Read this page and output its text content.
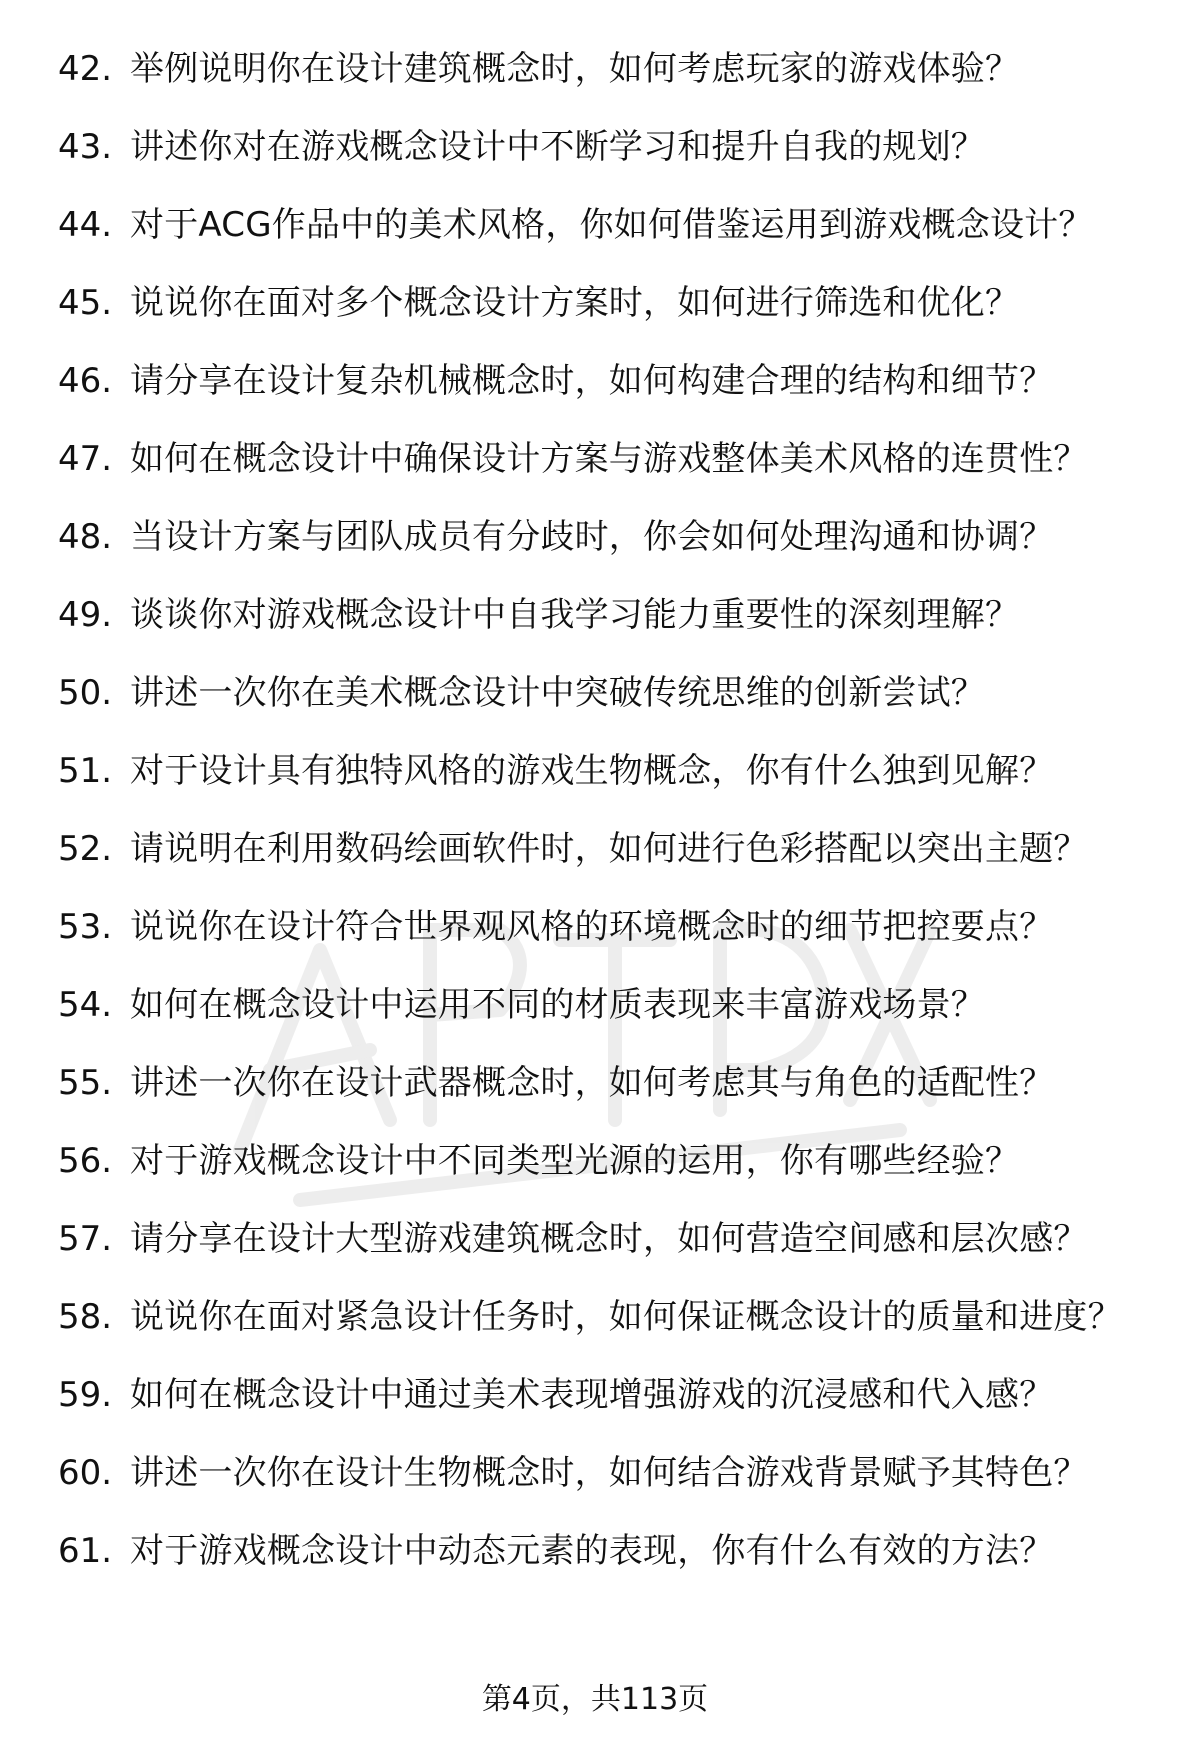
42. 举例说明你在设计建筑概念时，如何考虑玩家的游戏体验？
43. 讲述你对在游戏概念设计中不断学习和提升自我的规划？
44. 对于ACG作品中的美术风格，你如何借鉴运用到游戏概念设计？
45. 说说你在面对多个概念设计方案时，如何进行筛选和优化？
46. 请分享在设计复杂机械概念时，如何构建合理的结构和细节？
47. 如何在概念设计中确保设计方案与游戏整体美术风格的连贯性？
48. 当设计方案与团队成员有分歧时，你会如何处理沟通和协调？
49. 谈谈你对游戏概念设计中自我学习能力重要性的深刻理解？
50. 讲述一次你在美术概念设计中突破传统思维的创新尝试？
51. 对于设计具有独特风格的游戏生物概念，你有什么独到见解？
52. 请说明在利用数码绘画软件时，如何进行色彩搭配以突出主题？
53. 说说你在设计符合世界观风格的环境概念时的细节把控要点？
54. 如何在概念设计中运用不同的材质表现来丰富游戏场景？
55. 讲述一次你在设计武器概念时，如何考虑其与角色的适配性？
56. 对于游戏概念设计中不同类型光源的运用，你有哪些经验？
57. 请分享在设计大型游戏建筑概念时，如何营造空间感和层次感？
58. 说说你在面对紧急设计任务时，如何保证概念设计的质量和进度？
59. 如何在概念设计中通过美术表现增强游戏的沉浸感和代入感？
60. 讲述一次你在设计生物概念时，如何结合游戏背景赋予其特色？
61. 对于游戏概念设计中动态元素的表现，你有什么有效的方法？
第4页，共113页
